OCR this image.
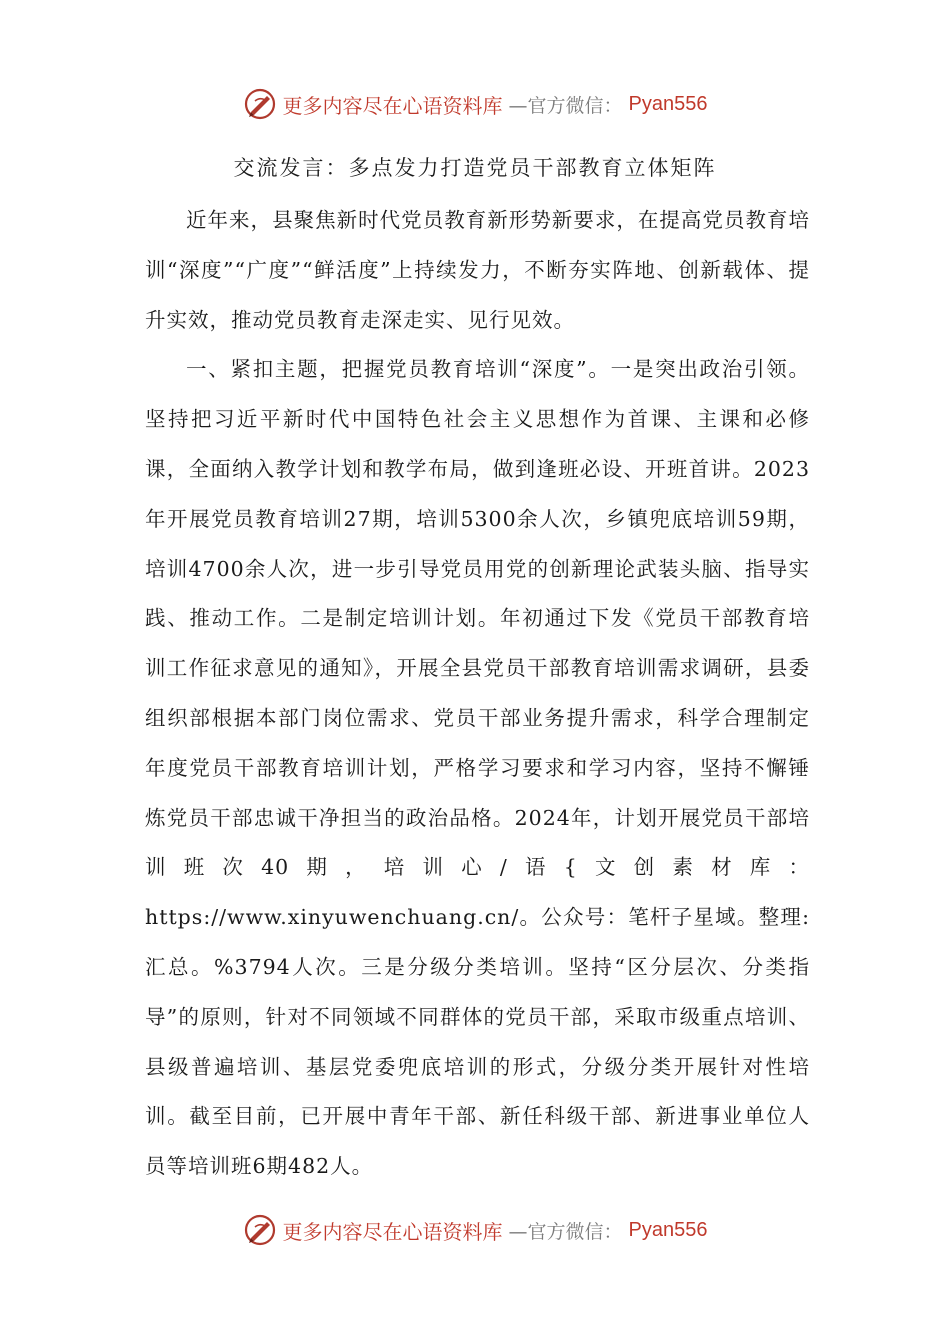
更多内容尽在心语资料库 —官方微信： Pyan556
交流发言：多点发力打造党员干部教育立体矩阵

近年来，县聚焦新时代党员教育新形势新要求，在提高党员教育培训“深度”“广度”“鲜活度”上持续发力，不断夯实阵地、创新载体、提升实效，推动党员教育走深走实、见行见效。

一、紧扣主题，把握党员教育培训“深度”。一是突出政治引领。坚持把习近平新时代中国特色社会主义思想作为首课、主课和必修课，全面纳入教学计划和教学布局，做到逢班必设、开班首讲。2023年开展党员教育培训27期，培训5300余人次，乡镇兜底培训59期，培训4700余人次，进一步引导党员用党的创新理论武装头脑、指导实践、推动工作。二是制定培训计划。年初通过下发《党员干部教育培训工作征求意见的通知》，开展全县党员干部教育培训需求调研，县委组织部根据本部门岗位需求、党员干部业务提升需求，科学合理制定年度党员干部教育培训计划，严格学习要求和学习内容，坚持不懈锤炼党员干部忠诚干净担当的政治品格。2024年，计划开展党员干部培训班次40期，培训心/语{文创素材库：https://www.xinyuwenchuang.cn/。公众号：笔杆子星域。整理:汇总。%3794人次。三是分级分类培训。坚持“区分层次、分类指导”的原则，针对不同领域不同群体的党员干部，采取市级重点培训、县级普遍培训、基层党委兜底培训的形式，分级分类开展针对性培训。截至目前，已开展中青年干部、新任科级干部、新进事业单位人员等培训班6期482人。

更多内容尽在心语资料库 —官方微信： Pyan556
